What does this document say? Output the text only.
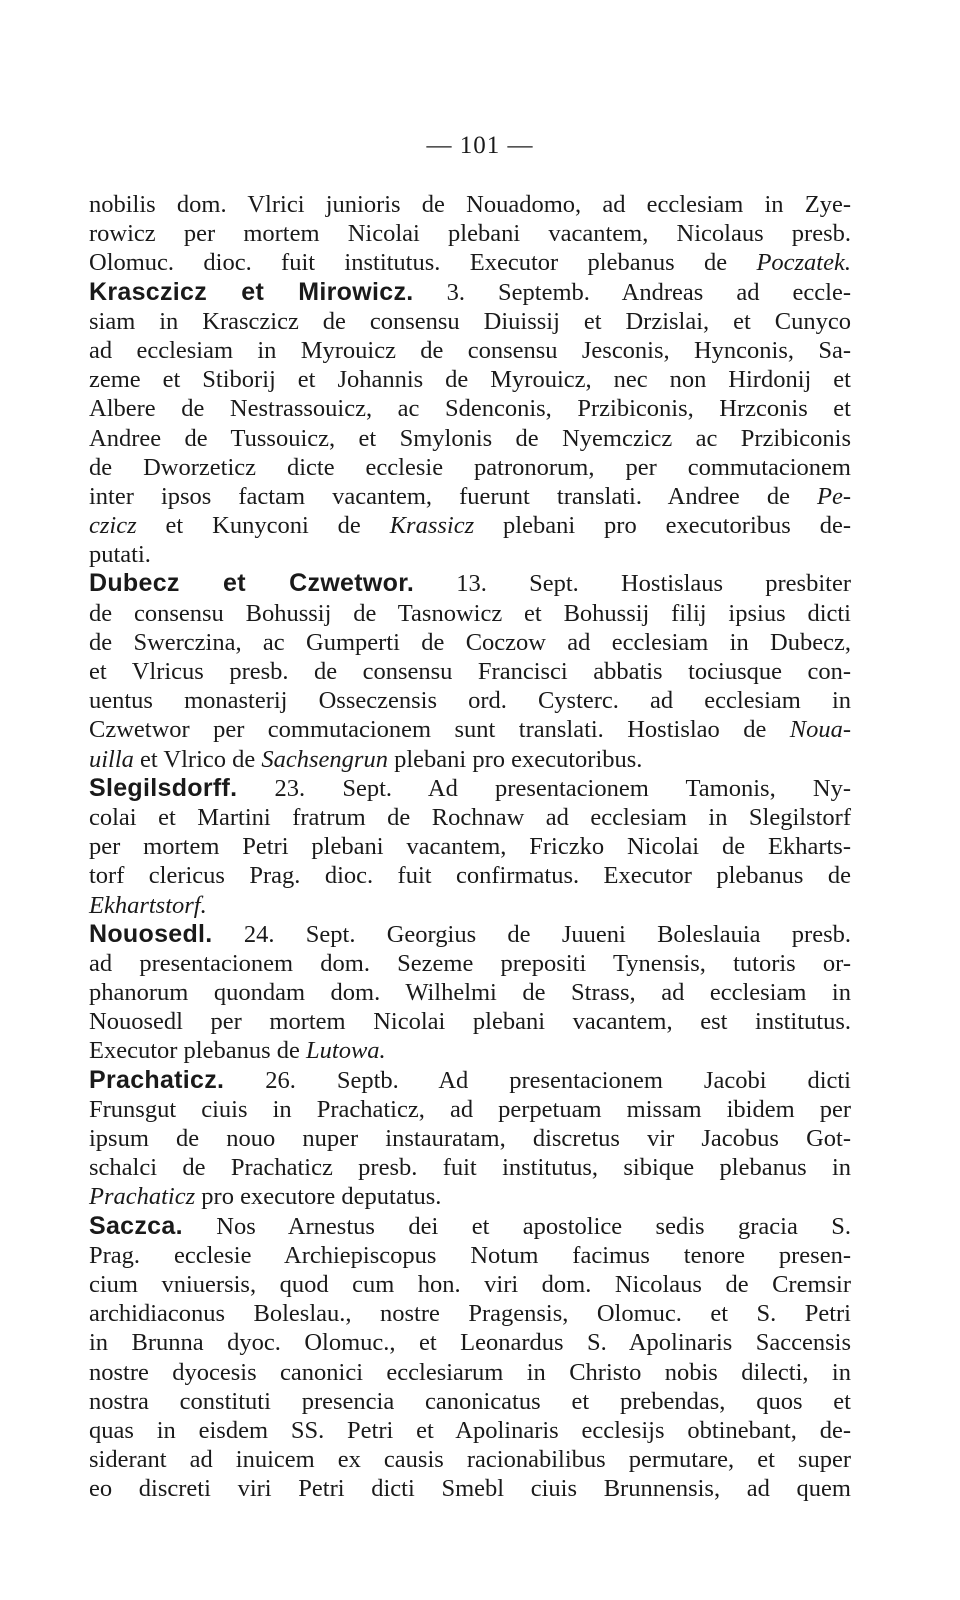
— 101 —
nobilis dom. Vlrici junioris de Nouadomo, ad ecclesiam in Zye-
rowicz per mortem Nicolai plebani vacantem, Nicolaus presb.
Olomuc. dioc. fuit institutus. Executor plebanus de Poczatek.
Krasczicz et Mirowicz. 3. Septemb. Andreas ad eccle-
siam in Krasczicz de consensu Diuissij et Drzislai, et Cunyco
ad ecclesiam in Myrouicz de consensu Jesconis, Hynconis, Sa-
zeme et Stiborij et Johannis de Myrouicz, nec non Hirdonij et
Albere de Nestrassouicz, ac Sdenconis, Przibiconis, Hrzconis et
Andree de Tussouicz, et Smylonis de Nyemczicz ac Przibiconis
de Dworzeticz dicte ecclesie patronorum, per commutacionem
inter ipsos factam vacantem, fuerunt translati. Andree de Pe-
czicz et Kunyconi de Krassicz plebani pro executoribus de-
putati.
Dubecz et Czwetwor. 13. Sept. Hostislaus presbiter
de consensu Bohussij de Tasnowicz et Bohussij filij ipsius dicti
de Swerczina, ac Gumperti de Coczow ad ecclesiam in Dubecz,
et Vlricus presb. de consensu Francisci abbatis tociusque con-
uentus monasterij Osseczensis ord. Cysterc. ad ecclesiam in
Czwetwor per commutacionem sunt translati. Hostislao de Noua-
uilla et Vlrico de Sachsengrun plebani pro executoribus.
Slegilsdorff. 23. Sept. Ad presentacionem Tamonis, Ny-
colai et Martini fratrum de Rochnaw ad ecclesiam in Slegilstorf
per mortem Petri plebani vacantem, Friczko Nicolai de Ekharts-
torf clericus Prag. dioc. fuit confirmatus. Executor plebanus de
Ekhartstorf.
Nouosedl. 24. Sept. Georgius de Juueni Boleslauia presb.
ad presentacionem dom. Sezeme prepositi Tynensis, tutoris or-
phanorum quondam dom. Wilhelmi de Strass, ad ecclesiam in
Nouosedl per mortem Nicolai plebani vacantem, est institutus.
Executor plebanus de Lutowa.
Prachaticz. 26. Septb. Ad presentacionem Jacobi dicti
Frunsgut ciuis in Prachaticz, ad perpetuam missam ibidem per
ipsum de nouo nuper instauratam, discretus vir Jacobus Got-
schalci de Prachaticz presb. fuit institutus, sibique plebanus in
Prachaticz pro executore deputatus.
Saczca. Nos Arnestus dei et apostolice sedis gracia S.
Prag. ecclesie Archiepiscopus Notum facimus tenore presen-
cium vniuersis, quod cum hon. viri dom. Nicolaus de Cremsir
archidiaconus Boleslau., nostre Pragensis, Olomuc. et S. Petri
in Brunna dyoc. Olomuc., et Leonardus S. Apolinaris Saccensis
nostre dyocesis canonici ecclesiarum in Christo nobis dilecti, in
nostra constituti presencia canonicatus et prebendas, quos et
quas in eisdem SS. Petri et Apolinaris ecclesijs obtinebant, de-
siderant ad inuicem ex causis racionabilibus permutare, et super
eo discreti viri Petri dicti Smebl ciuis Brunnensis, ad quem
